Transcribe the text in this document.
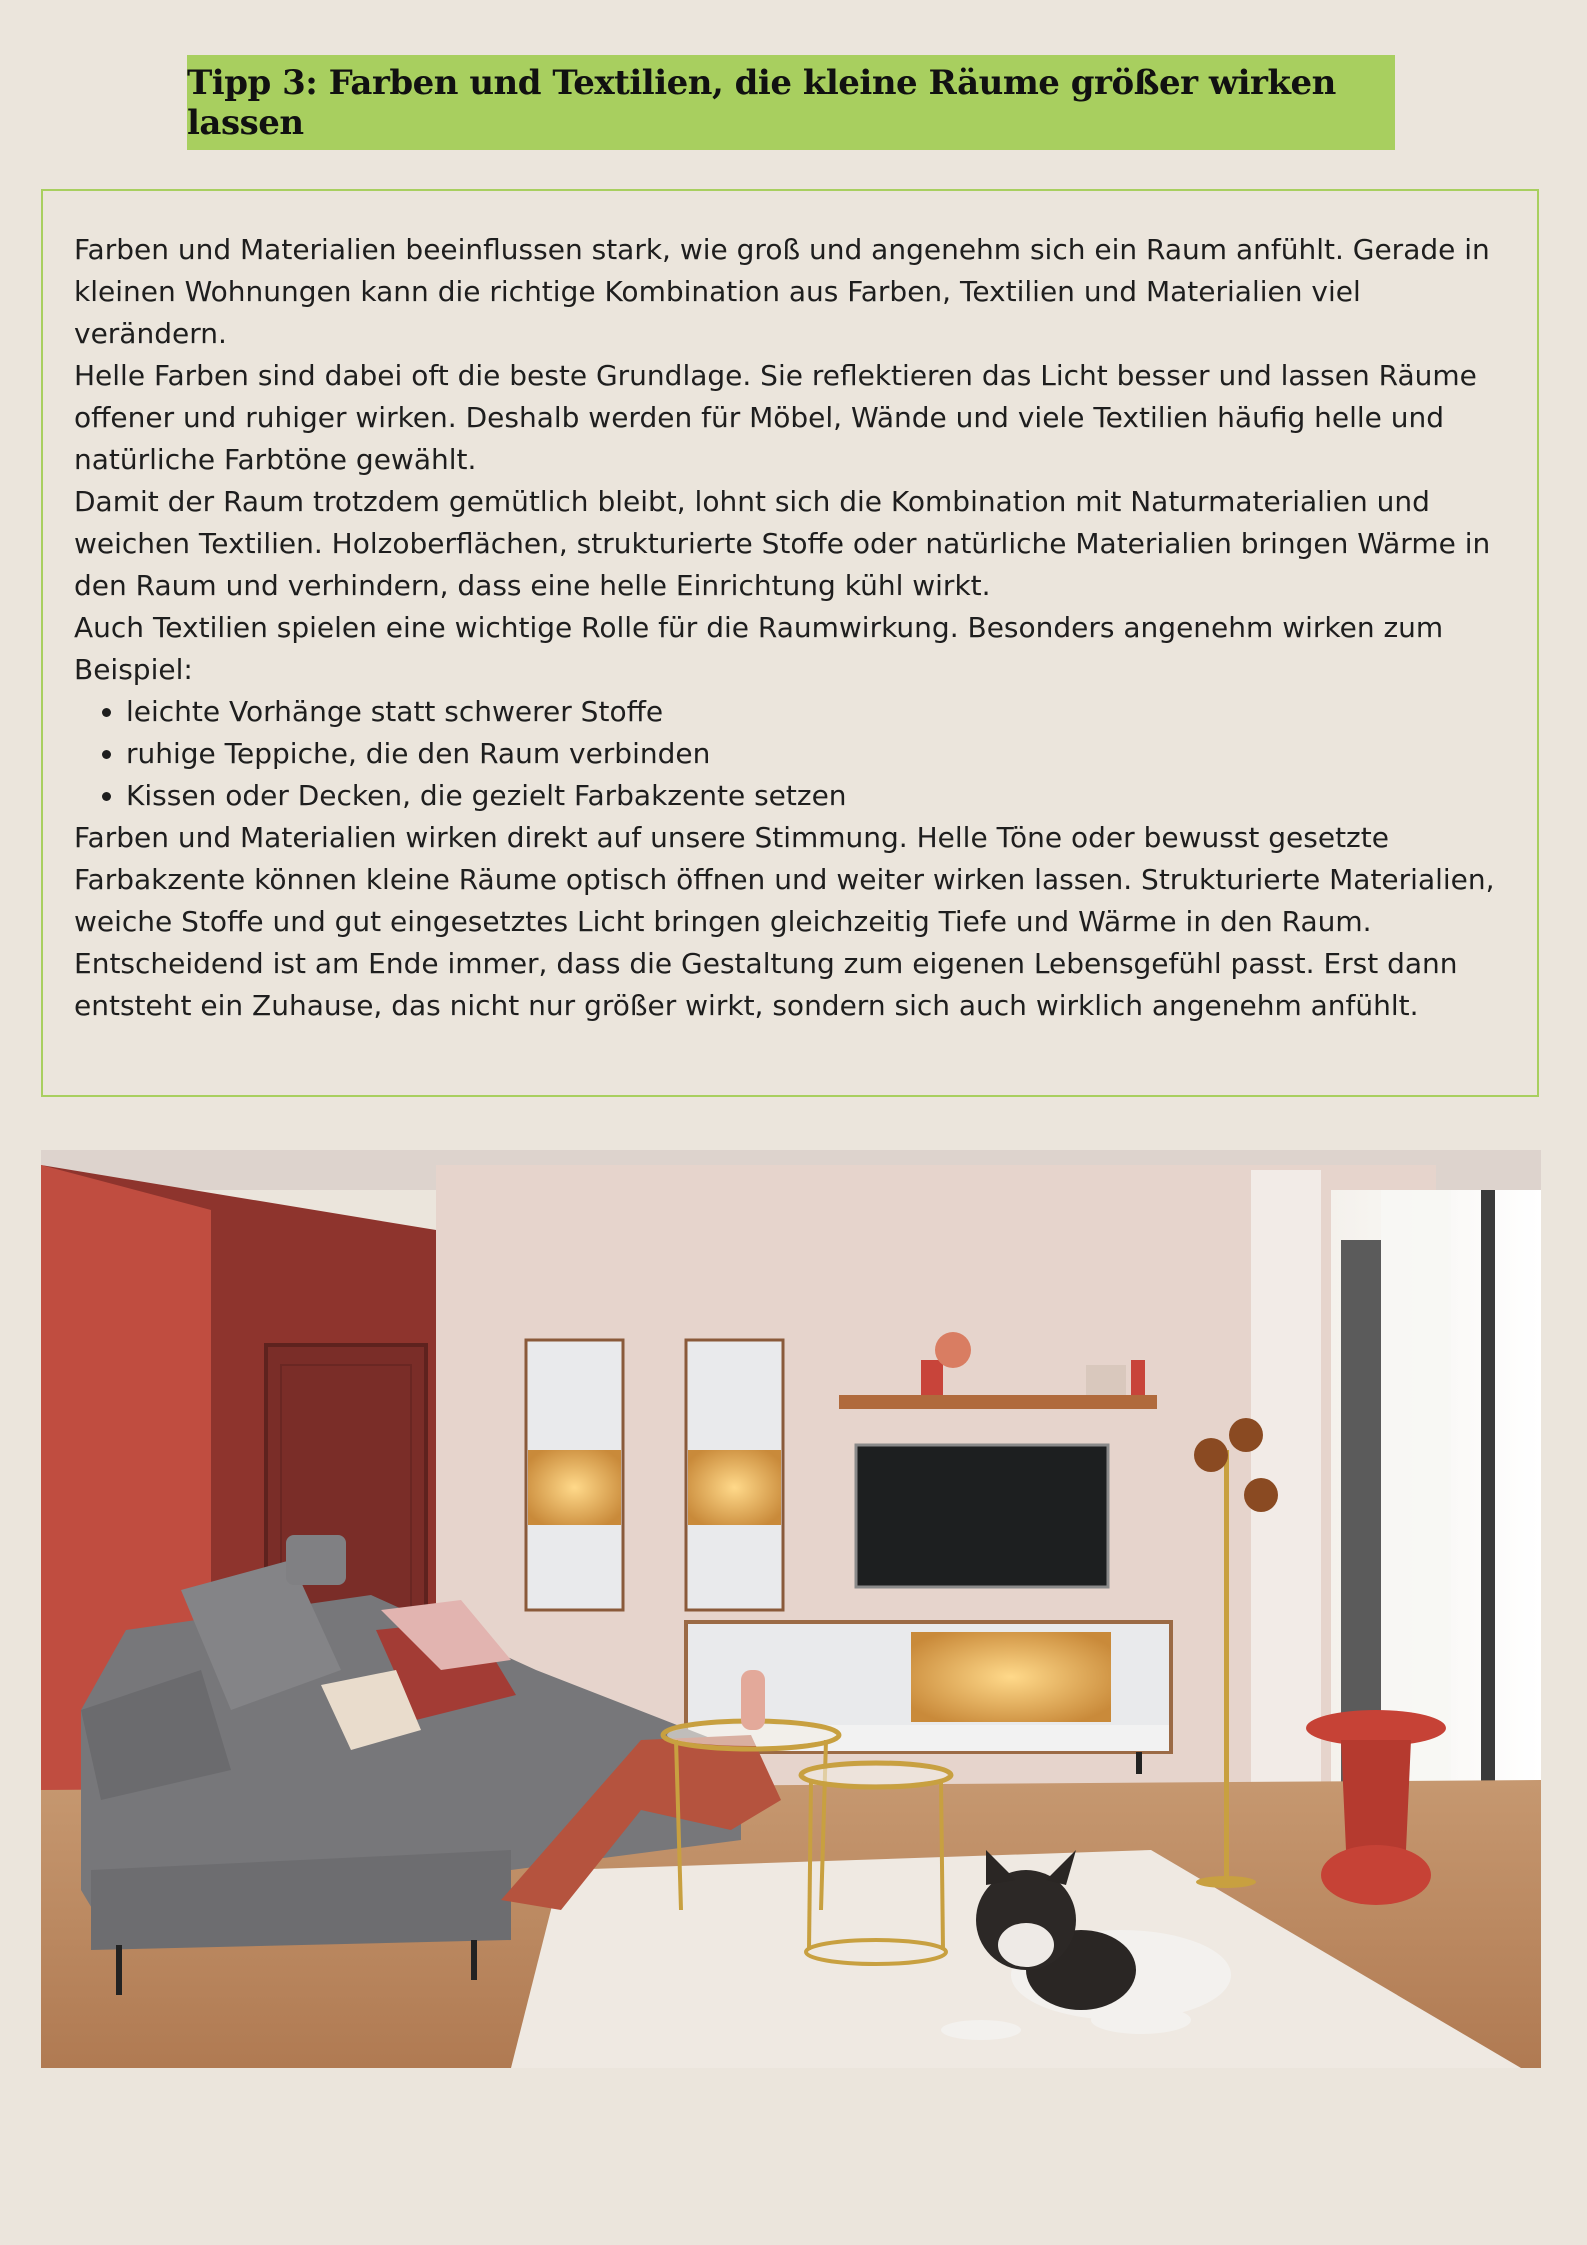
Tipp 3: Farben und Textilien, die kleine Räume größer wirken lassen

Farben und Materialien beeinflussen stark, wie groß und angenehm sich ein Raum anfühlt. Gerade in kleinen Wohnungen kann die richtige Kombination aus Farben, Textilien und Materialien viel verändern.

Helle Farben sind dabei oft die beste Grundlage. Sie reflektieren das Licht besser und lassen Räume offener und ruhiger wirken. Deshalb werden für Möbel, Wände und viele Textilien häufig helle und natürliche Farbtöne gewählt.

Damit der Raum trotzdem gemütlich bleibt, lohnt sich die Kombination mit Naturmaterialien und weichen Textilien. Holzoberflächen, strukturierte Stoffe oder natürliche Materialien bringen Wärme in den Raum und verhindern, dass eine helle Einrichtung kühl wirkt.

Auch Textilien spielen eine wichtige Rolle für die Raumwirkung. Besonders angenehm wirken zum Beispiel:

• leichte Vorhänge statt schwerer Stoffe
• ruhige Teppiche, die den Raum verbinden
• Kissen oder Decken, die gezielt Farbakzente setzen

Farben und Materialien wirken direkt auf unsere Stimmung. Helle Töne oder bewusst gesetzte Farbakzente können kleine Räume optisch öffnen und weiter wirken lassen. Strukturierte Materialien, weiche Stoffe und gut eingesetztes Licht bringen gleichzeitig Tiefe und Wärme in den Raum.

Entscheidend ist am Ende immer, dass die Gestaltung zum eigenen Lebensgefühl passt. Erst dann entsteht ein Zuhause, das nicht nur größer wirkt, sondern sich auch wirklich angenehm anfühlt.
